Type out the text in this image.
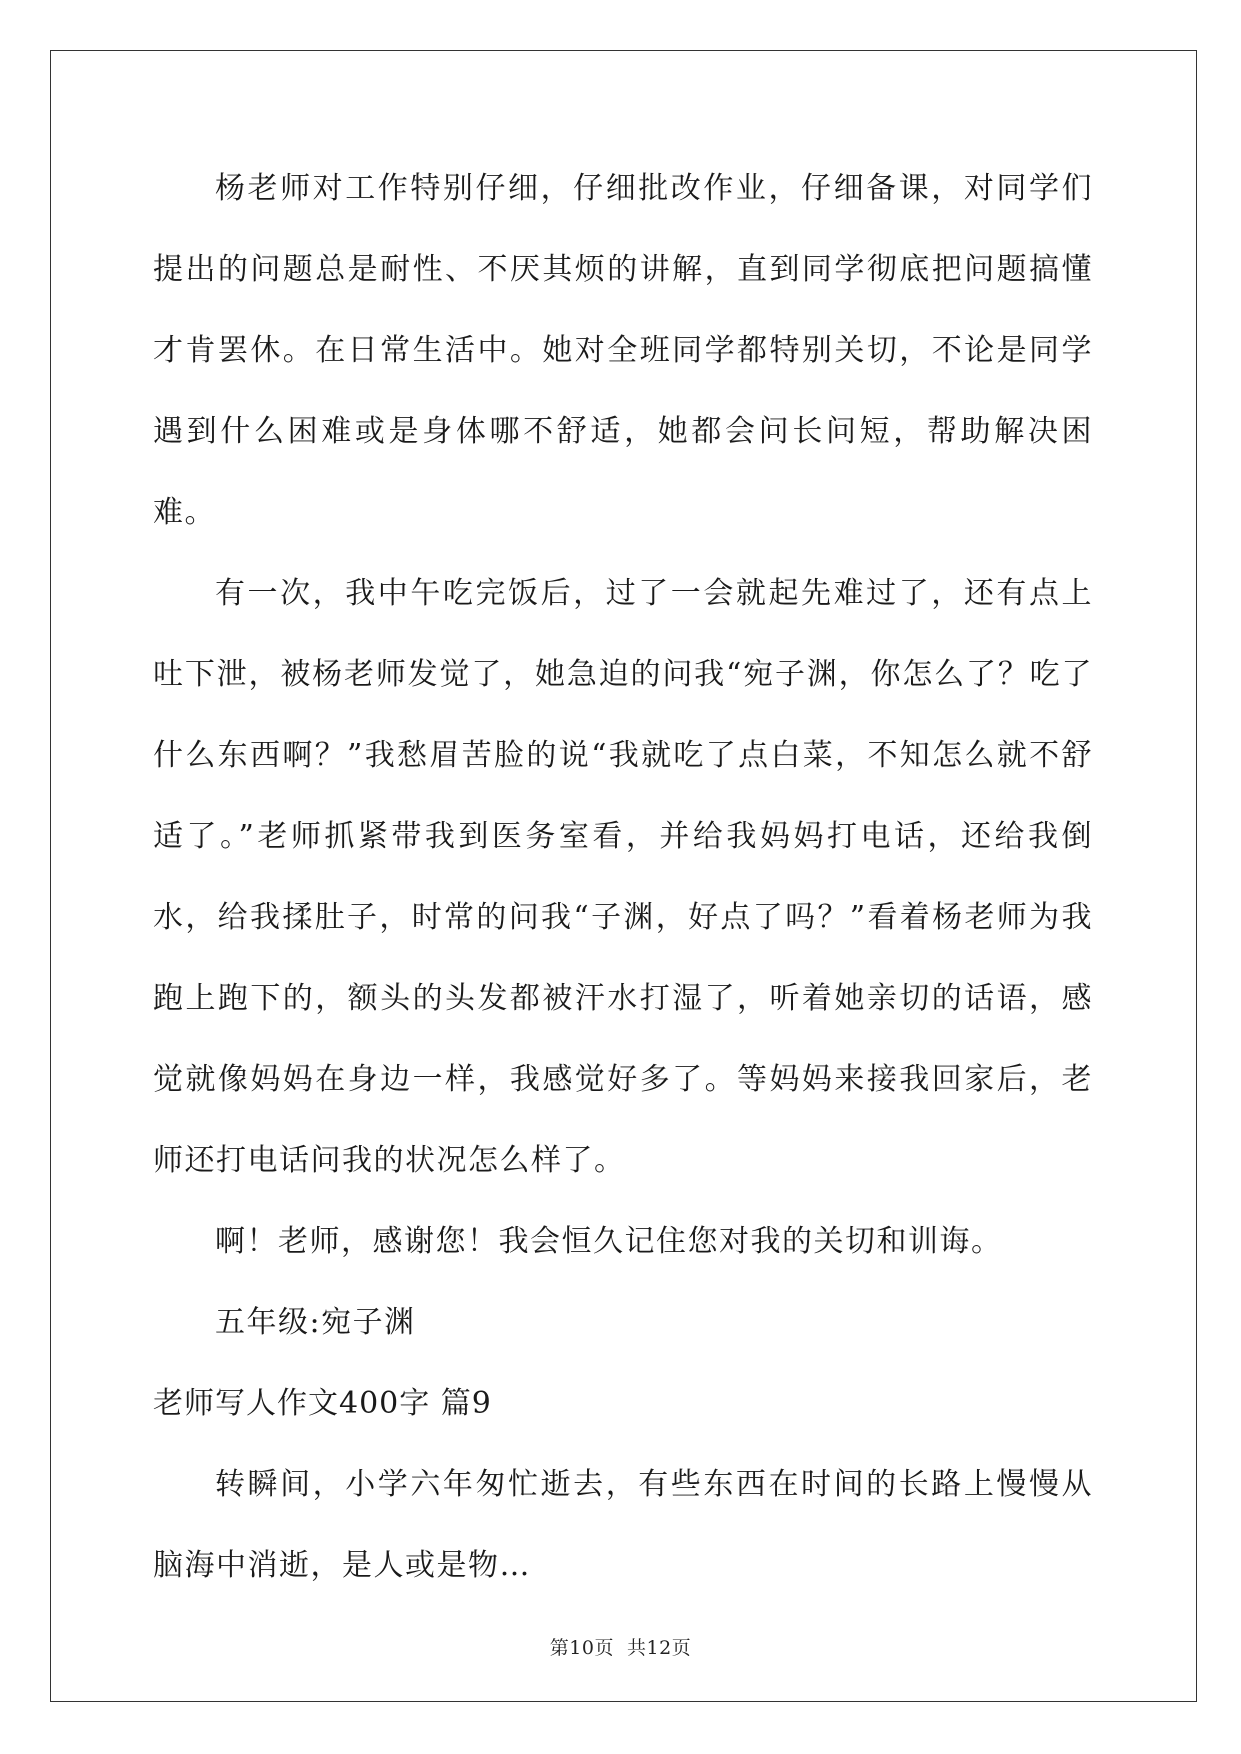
杨老师对工作特别仔细，仔细批改作业，仔细备课，对同学们提出的问题总是耐性、不厌其烦的讲解，直到同学彻底把问题搞懂才肯罢休。在日常生活中。她对全班同学都特别关切，不论是同学遇到什么困难或是身体哪不舒适，她都会问长问短，帮助解决困难。

有一次，我中午吃完饭后，过了一会就起先难过了，还有点上吐下泄，被杨老师发觉了，她急迫的问我“宛子渊，你怎么了？吃了什么东西啊？”我愁眉苦脸的说“我就吃了点白菜，不知怎么就不舒适了。”老师抓紧带我到医务室看，并给我妈妈打电话，还给我倒水，给我揉肚子，时常的问我“子渊，好点了吗？”看着杨老师为我跑上跑下的，额头的头发都被汗水打湿了，听着她亲切的话语，感觉就像妈妈在身边一样，我感觉好多了。等妈妈来接我回家后，老师还打电话问我的状况怎么样了。

啊！老师，感谢您！我会恒久记住您对我的关切和训诲。

五年级:宛子渊

老师写人作文400字 篇9

转瞬间，小学六年匆忙逝去，有些东西在时间的长路上慢慢从脑海中消逝，是人或是物…

第10页  共12页
